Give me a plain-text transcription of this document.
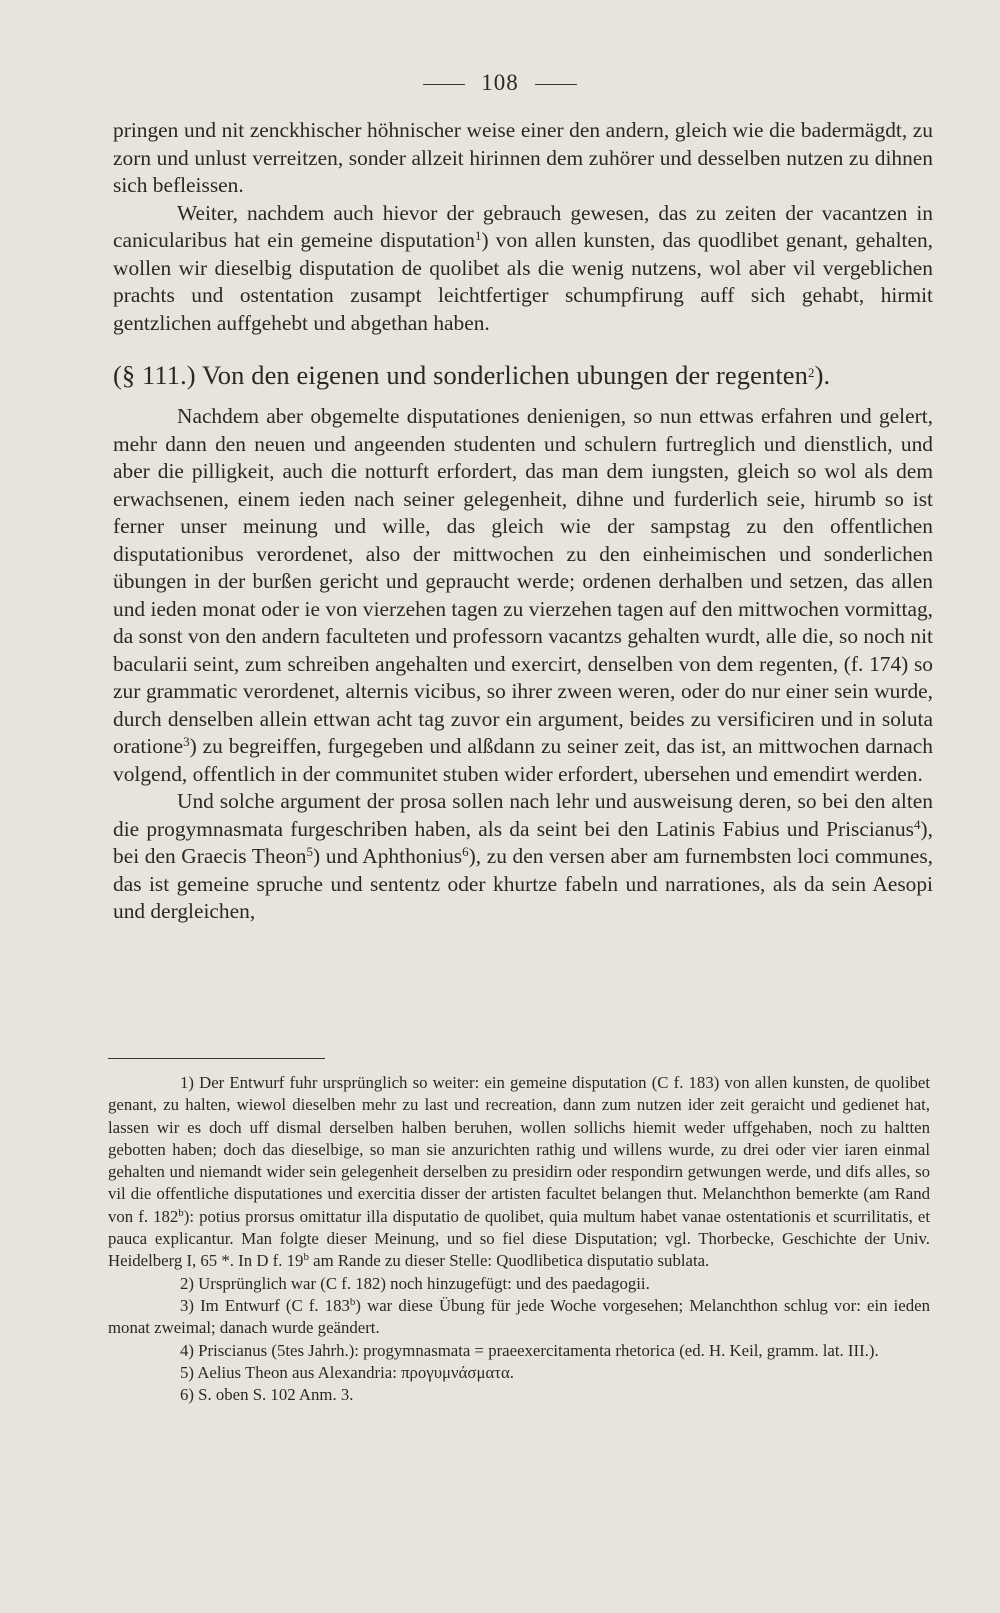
108

pringen und nit zenckhischer höhnischer weise einer den andern, gleich wie die badermägdt, zu zorn und unlust verreitzen, sonder allzeit hirinnen dem zuhörer und desselben nutzen zu dihnen sich befleissen.

Weiter, nachdem auch hievor der gebrauch gewesen, das zu zeiten der vacantzen in canicularibus hat ein gemeine disputation$^1$) von allen kunsten, das quodlibet genant, gehalten, wollen wir dieselbig disputation de quolibet als die wenig nutzens, wol aber vil vergeblichen prachts und ostentation zusampt leichtfertiger schumpfirung auff sich gehabt, hirmit gentzlichen auffgehebt und abgethan haben.

(§ 111.) Von den eigenen und sonderlichen ubungen der regenten$^2$).

Nachdem aber obgemelte disputationes denienigen, so nun ettwas erfahren und gelert, mehr dann den neuen und angeenden studenten und schulern furtreglich und dienstlich, und aber die pilligkeit, auch die notturft erfordert, das man dem iungsten, gleich so wol als dem erwachsenen, einem ieden nach seiner gelegenheit, dihne und furderlich seie, hirumb so ist ferner unser meinung und wille, das gleich wie der sampstag zu den offentlichen disputationibus verordenet, also der mittwochen zu den einheimischen und sonderlichen übungen in der burßen gericht und gepraucht werde; ordenen derhalben und setzen, das allen und ieden monat oder ie von vierzehen tagen zu vierzehen tagen auf den mittwochen vormittag, da sonst von den andern faculteten und professorn vacantzs gehalten wurdt, alle die, so noch nit bacularii seint, zum schreiben angehalten und exercirt, denselben von dem regenten, (f. 174) so zur grammatic verordenet, alternis vicibus, so ihrer zween weren, oder do nur einer sein wurde, durch denselben allein ettwan acht tag zuvor ein argument, beides zu versificiren und in soluta oratione$^3$) zu begreiffen, furgegeben und alßdann zu seiner zeit, das ist, an mittwochen darnach volgend, offentlich in der communitet stuben wider erfordert, ubersehen und emendirt werden.

Und solche argument der prosa sollen nach lehr und ausweisung deren, so bei den alten die progymnasmata furgeschriben haben, als da seint bei den Latinis Fabius und Priscianus$^4$), bei den Graecis Theon$^5$) und Aphthonius$^6$), zu den versen aber am furnembsten loci communes, das ist gemeine spruche und sententz oder khurtze fabeln und narrationes, als da sein Aesopi und dergleichen,

1) Der Entwurf fuhr ursprünglich so weiter: ein gemeine disputation (C f. 183) von allen kunsten, de quolibet genant, zu halten, wiewol dieselben mehr zu last und recreation, dann zum nutzen ider zeit geraicht und gedienet hat, lassen wir es doch uff dismal derselben halben beruhen, wollen sollichs hiemit weder uffgehaben, noch zu haltten gebotten haben; doch das dieselbige, so man sie anzurichten rathig und willens wurde, zu drei oder vier iaren einmal gehalten und niemandt wider sein gelegenheit derselben zu presidirn oder respondirn getwungen werde, und difs alles, so vil die offentliche disputationes und exercitia disser der artisten facultet belangen thut. Melanchthon bemerkte (am Rand von f. 182$^b$): potius prorsus omittatur illa disputatio de quolibet, quia multum habet vanae ostentationis et scurrilitatis, et pauca explicantur. Man folgte dieser Meinung, und so fiel diese Disputation; vgl. Thorbecke, Geschichte der Univ. Heidelberg I, 65 *. In D f. 19$^b$ am Rande zu dieser Stelle: Quodlibetica disputatio sublata.

2) Ursprünglich war (C f. 182) noch hinzugefügt: und des paedagogii.

3) Im Entwurf (C f. 183$^b$) war diese Übung für jede Woche vorgesehen; Melanchthon schlug vor: ein ieden monat zweimal; danach wurde geändert.

4) Priscianus (5tes Jahrh.): progymnasmata = praeexercitamenta rhetorica (ed. H. Keil, gramm. lat. III.).

5) Aelius Theon aus Alexandria: προγυμνάσματα.

6) S. oben S. 102 Anm. 3.
